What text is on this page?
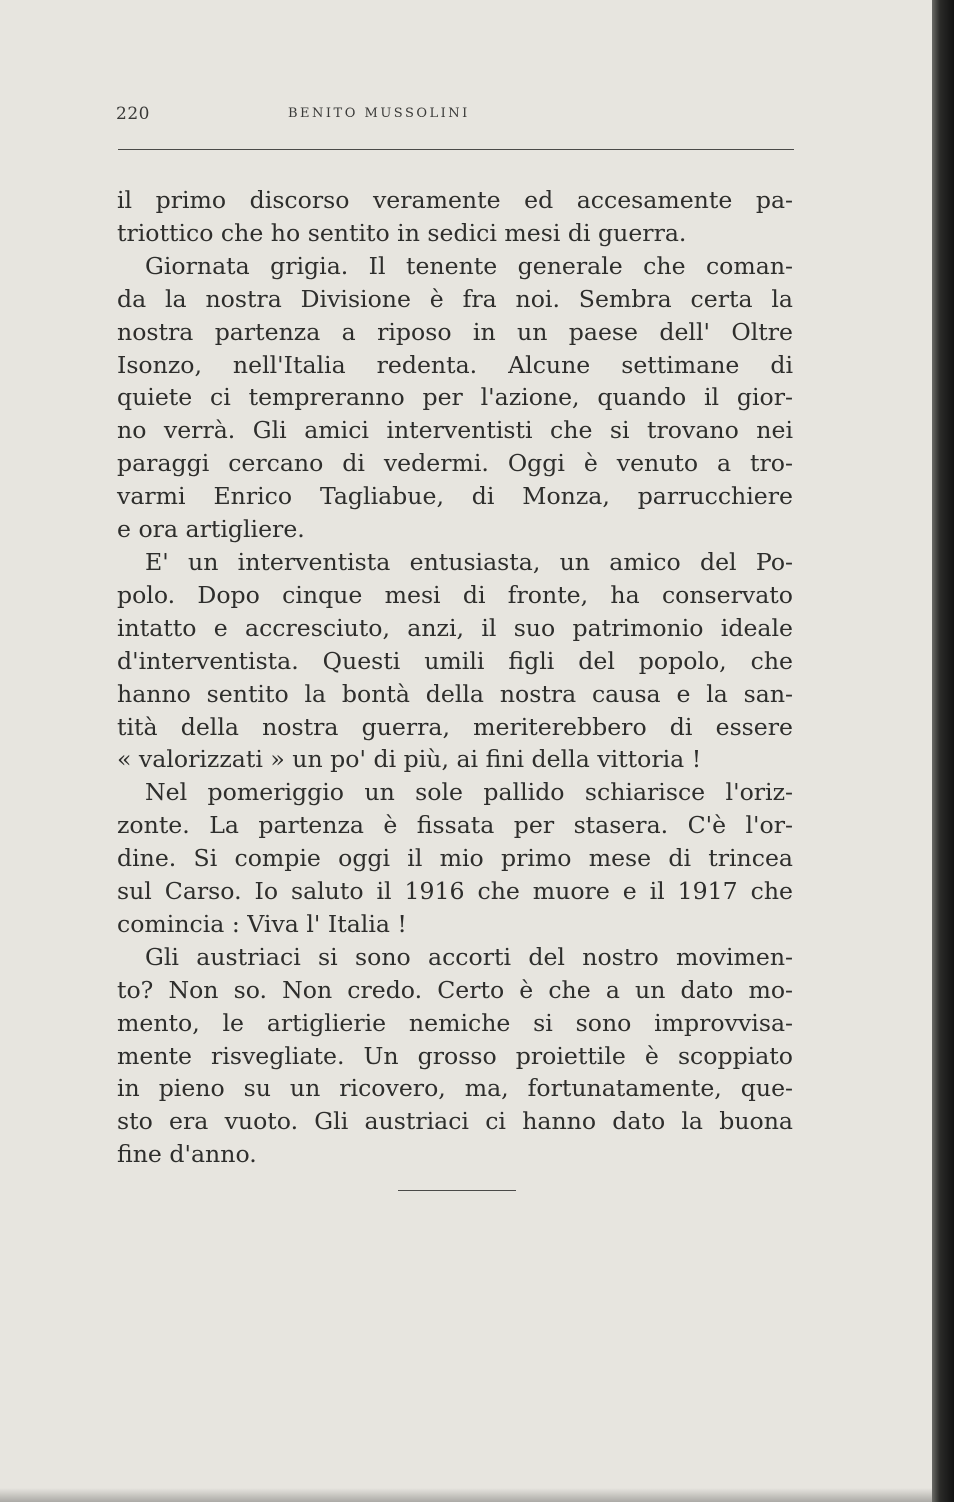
220	BENITO MUSSOLINI

il primo discorso veramente ed accesamente pa-
triottico che ho sentito in sedici mesi di guerra.

Giornata grigia. Il tenente generale che coman-
da la nostra Divisione è fra noi. Sembra certa la
nostra partenza a riposo in un paese dell' Oltre
Isonzo, nell'Italia redenta. Alcune settimane di
quiete ci tempreranno per l'azione, quando il gior-
no verrà. Gli amici interventisti che si trovano nei
paraggi cercano di vedermi. Oggi è venuto a tro-
varmi Enrico Tagliabue, di Monza, parrucchiere
e ora artigliere.

E' un interventista entusiasta, un amico del Po-
polo. Dopo cinque mesi di fronte, ha conservato
intatto e accresciuto, anzi, il suo patrimonio ideale
d'interventista. Questi umili figli del popolo, che
hanno sentito la bontà della nostra causa e la san-
tità della nostra guerra, meriterebbero di essere
« valorizzati » un po' di più, ai fini della vittoria !

Nel pomeriggio un sole pallido schiarisce l'oriz-
zonte. La partenza è fissata per stasera. C'è l'or-
dine. Si compie oggi il mio primo mese di trincea
sul Carso. Io saluto il 1916 che muore e il 1917 che
comincia : Viva l' Italia !

Gli austriaci si sono accorti del nostro movimen-
to? Non so. Non credo. Certo è che a un dato mo-
mento, le artiglierie nemiche si sono improvvisa-
mente risvegliate. Un grosso proiettile è scoppiato
in pieno su un ricovero, ma, fortunatamente, que-
sto era vuoto. Gli austriaci ci hanno dato la buona
fine d'anno.
